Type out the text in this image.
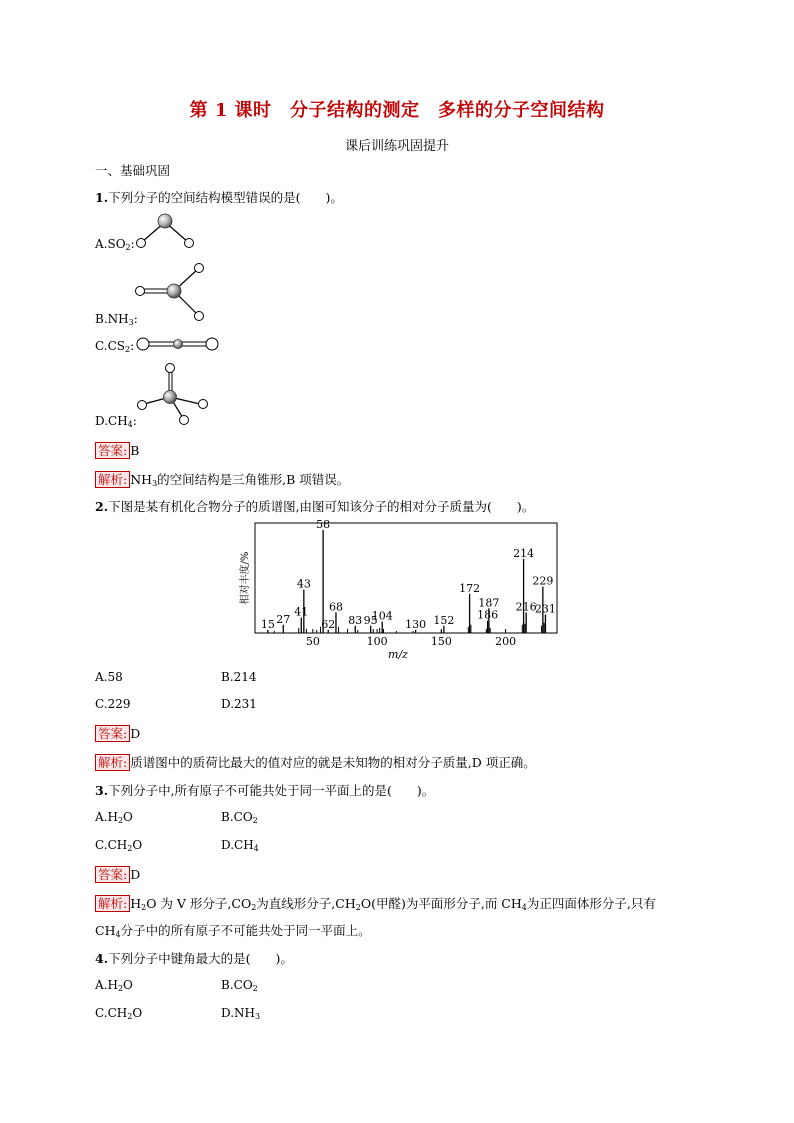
第 1 课时　分子结构的测定　多样的分子空间结构
课后训练巩固提升
一、基础巩固
1.下列分子的空间结构模型错误的是(　　)。
$A.SO_2$:
$B.NH_3$:
$C.CS_2$:
$D.CH_4$:
答案: B
解析: $NH_3$的空间结构是三角锥形,B 项错误。
2.下图是某有机化合物分子的质谱图,由图可知该分子的相对分子质量为(　　)。
50	100	150	200
15 27
41
43
58
62
68
83 95
104
130 152
172
186
187
214
216
229
231
m/z
相对丰度/%
A.58	B.214
C.229	D.231
答案: D
解析: 质谱图中的质荷比最大的值对应的就是未知物的相对分子质量,D 项正确。
3.下列分子中,所有原子不可能共处于同一平面上的是(　　)。
$A.H_2O$	$B.CO_2$
$C.CH_2O$	$D.CH_4$
答案: D
解析: $H_2O$ 为 V 形分子$,CO_2$为直线形分子$,CH_2O$(甲醛)为平面形分子,而 $CH_4$为正四面体形分子,只有
$CH_4$分子中的所有原子不可能共处于同一平面上。
4.下列分子中键角最大的是(　　)。
$A.H_2O$	$B.CO_2$
$C.CH_2O$	$D.NH_3$
